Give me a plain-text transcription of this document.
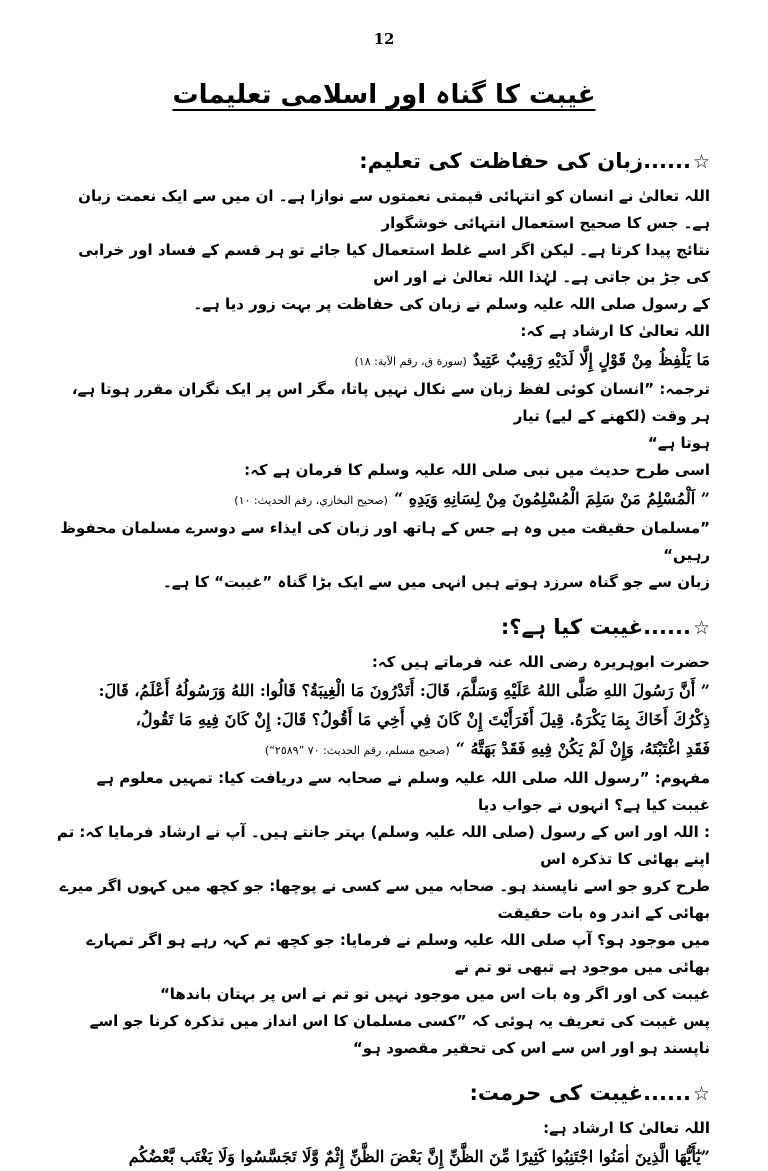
12
غیبت کا گناہ اور اسلامی تعلیمات
☆......زبان کی حفاظت کی تعلیم:

اللہ تعالیٰ نے انسان کو انتہائی قیمتی نعمتوں سے نوازا ہے۔ ان میں سے ایک نعمت زبان ہے۔ جس کا صحیح استعمال انتہائی خوشگوار

نتائج پیدا کرتا ہے۔ لیکن اگر اسے غلط استعمال کیا جائے تو ہر قسم کے فساد اور خرابی کی جڑ بن جاتی ہے۔ لہٰذا اللہ تعالیٰ نے اور اس

کے رسول صلی اللہ علیہ وسلم نے زبان کی حفاظت پر بہت زور دیا ہے۔

اللہ تعالیٰ کا ارشاد ہے کہ:

مَا يَلْفِظُ مِنْ قَوْلٍ إِلَّا لَدَيْهِ رَقِيبٌ عَتِيدٌ(سورة ق، رقم الآية: ١٨)

ترجمہ: ”انسان کوئی لفظ زبان سے نکال نہیں پاتا، مگر اس پر ایک نگران مقرر ہوتا ہے، ہر وقت (لکھنے کے لیے) تیار

ہوتا ہے“

اسی طرح حدیث میں نبی صلی اللہ علیہ وسلم کا فرمان ہے کہ:

” اَلْمُسْلِمُ مَنْ سَلِمَ الْمُسْلِمُونَ مِنْ لِسَانِهِ وَيَدِهِ “(صحيح البخاري، رقم الحديث: ١٠)

”مسلمان حقیقت میں وہ ہے جس کے ہاتھ اور زبان کی ایذاء سے دوسرے مسلمان محفوظ رہیں“

زبان سے جو گناہ سرزد ہوتے ہیں انہی میں سے ایک بڑا گناہ ”غیبت“ کا ہے۔

☆......غیبت کیا ہے؟:

حضرت ابوہریرہ رضی اللہ عنہ فرماتے ہیں کہ:

” أَنَّ رَسُولَ اللهِ صَلَّى اللهُ عَلَيْهِ وَسَلَّمَ، قَالَ: أَتَدْرُونَ مَا الْغِيبَةُ؟ قَالُوا: اللهُ وَرَسُولُهُ أَعْلَمُ، قَالَ:

ذِكْرُكَ أَخَاكَ بِمَا يَكْرَهُ. قِيلَ أَفَرَأَيْتَ إِنْ كَانَ فِي أَخِي مَا أَقُولُ؟ قَالَ: إِنْ كَانَ فِيهِ مَا تَقُولُ،

فَقَدِ اغْتَبْتَهُ، وَإِنْ لَمْ يَكُنْ فِيهِ فَقَدْ بَهَتَّهُ “(صحيح مسلم، رقم الحديث: ٧٠ ”٢٥٨٩“)

مفہوم: ”رسول اللہ صلی اللہ علیہ وسلم نے صحابہ سے دریافت کیا: تمہیں معلوم ہے غیبت کیا ہے؟ انہوں نے جواب دیا

: اللہ اور اس کے رسول (صلی اللہ علیہ وسلم) بہتر جانتے ہیں۔ آپ نے ارشاد فرمایا کہ: تم اپنے بھائی کا تذکرہ اس

طرح کرو جو اسے ناپسند ہو۔ صحابہ میں سے کسی نے پوچھا: جو کچھ میں کہوں اگر میرے بھائی کے اندر وہ بات حقیقت

میں موجود ہو؟ آپ صلی اللہ علیہ وسلم نے فرمایا: جو کچھ تم کہہ رہے ہو اگر تمہارے بھائی میں موجود ہے تبھی تو تم نے

غیبت کی اور اگر وہ بات اس میں موجود نہیں تو تم نے اس پر بہتان باندھا“

پس غیبت کی تعریف یہ ہوئی کہ ”کسی مسلمان کا اس انداز میں تذکرہ کرنا جو اسے ناپسند ہو اور اس سے اس کی تحقیر مقصود ہو“

☆......غیبت کی حرمت:

اللہ تعالیٰ کا ارشاد ہے:

”يٰٓأَيُّهَا الَّذِينَ اٰمَنُوا اجْتَنِبُوا كَثِيرًا مِّنَ الظَّنِّ إِنَّ بَعْضَ الظَّنِّ إِثْمٌ وَّلَا تَجَسَّسُوا وَلَا يَغْتَب بَّعْضُكُم
